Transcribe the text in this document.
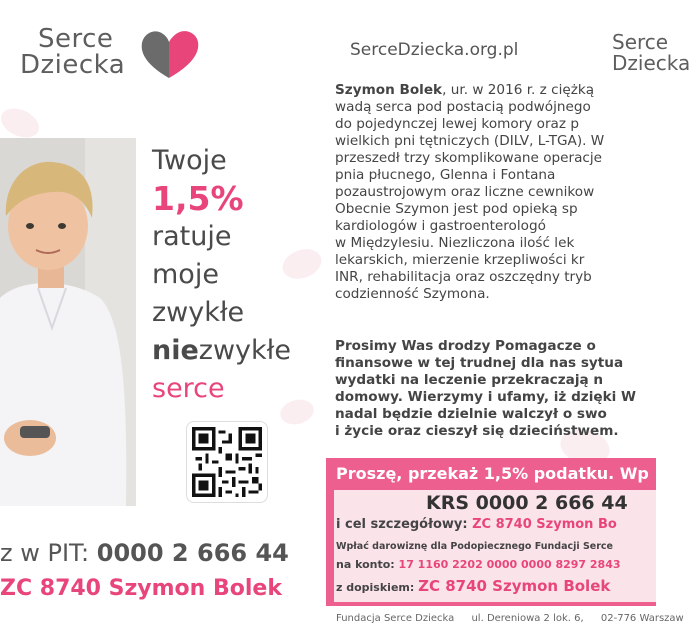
Serce
Dziecka	SerceDziecka.org.pl	Serce
Dziecka
Twoje
1,5%
ratuje
moje
zwykłe
niezwykłe
serce
z w PIT: 0000 2 666 44
ZC 8740 Szymon Bolek

Szymon Bolek, ur. w 2016 r. z ciężką

wadą serca pod postacią podwójnego

do pojedynczej lewej komory oraz p

wielkich pni tętniczych (DILV, L-TGA). W

przeszedł trzy skomplikowane operacje

pnia płucnego, Glenna i Fontana

pozaustrojowym oraz liczne cewnikow

Obecnie Szymon jest pod opieką sp

kardiologów i gastroenterologó

w Międzylesiu. Niezliczona ilość lek

lekarskich, mierzenie krzepliwości kr

INR, rehabilitacja oraz oszczędny tryb

codzienność Szymona.

Prosimy Was drodzy Pomagacze o

finansowe w tej trudnej dla nas sytua

wydatki na leczenie przekraczają n

domowy. Wierzymy i ufamy, iż dzięki W

nadal będzie dzielnie walczył o swo

i życie oraz cieszył się dzieciństwem.

Proszę, przekaż 1,5% podatku. Wp
KRS 0000 2 666 44
i cel szczegółowy: ZC 8740 Szymon Bo
Wpłać darowiznę dla Podopiecznego Fundacji Serce
na konto: 17 1160 2202 0000 0000 8297 2843
z dopiskiem: ZC 8740 Szymon Bolek
Fundacja Serce Dziecka ul. Dereniowa 2 lok. 6, 02-776 Warszaw
